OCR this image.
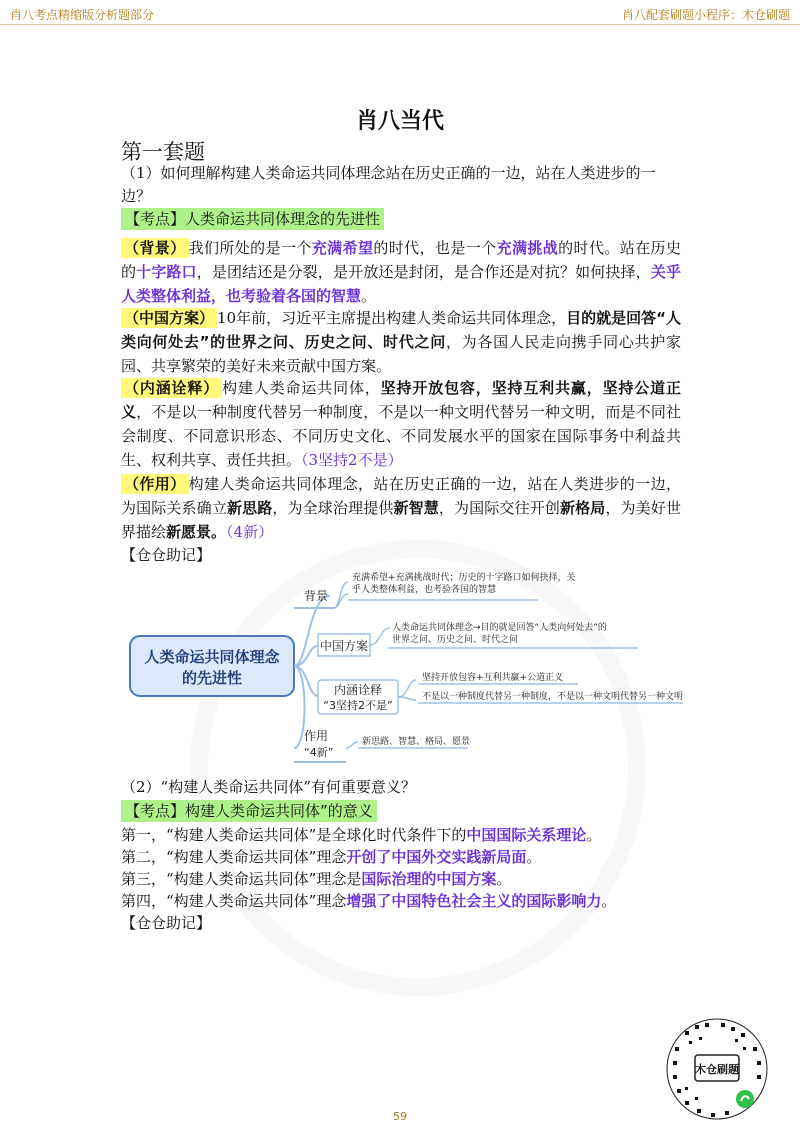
肖八考点精缩版分析题部分	肖八配套刷题小程序：木仓刷题
肖八当代
第一套题
（1）如何理解构建人类命运共同体理念站在历史正确的一边，站在人类进步的一边？
【考点】人类命运共同体理念的先进性
（背景） 我们所处的是一个充满希望的时代，也是一个充满挑战的时代。站在历史的十字路口，是团结还是分裂，是开放还是封闭，是合作还是对抗？如何抉择，关乎人类整体利益，也考验着各国的智慧。
（中国方案） 10年前，习近平主席提出构建人类命运共同体理念，目的就是回答“人类向何处去”的世界之问、历史之问、时代之问，为各国人民走向携手同心共护家园、共享繁荣的美好未来贡献中国方案。
（内涵诠释） 构建人类命运共同体，坚持开放包容，坚持互利共赢，坚持公道正义，不是以一种制度代替另一种制度，不是以一种文明代替另一种文明，而是不同社会制度、不同意识形态、不同历史文化、不同发展水平的国家在国际事务中利益共生、权利共享、责任共担。（3坚持2不是）
（作用） 构建人类命运共同体理念，站在历史正确的一边，站在人类进步的一边，为国际关系确立新思路，为全球治理提供新智慧，为国际交往开创新格局，为美好世界描绘新愿景。（4新）
【仓仓助记】
人类命运共同体理念
的先进性
背景
充满希望+充满挑战时代；历史的十字路口如何抉择，关
乎人类整体利益，也考验各国的智慧
中国方案
人类命运共同体理念→目的就是回答“人类向何处去”的
世界之问、历史之问、时代之问
内涵诠释
“3坚持2不是”
坚持开放包容+互利共赢+公道正义
不是以一种制度代替另一种制度，不是以一种文明代替另一种文明
作用
“4新”
新思路、智慧、格局、愿景
（2）“构建人类命运共同体”有何重要意义？
【考点】构建人类命运共同体”的意义
第一，“构建人类命运共同体”是全球化时代条件下的中国国际关系理论。
第二，“构建人类命运共同体”理念开创了中国外交实践新局面。
第三，“构建人类命运共同体”理念是国际治理的中国方案。
第四，“构建人类命运共同体”理念增强了中国特色社会主义的国际影响力。
【仓仓助记】
木仓刷题
59
